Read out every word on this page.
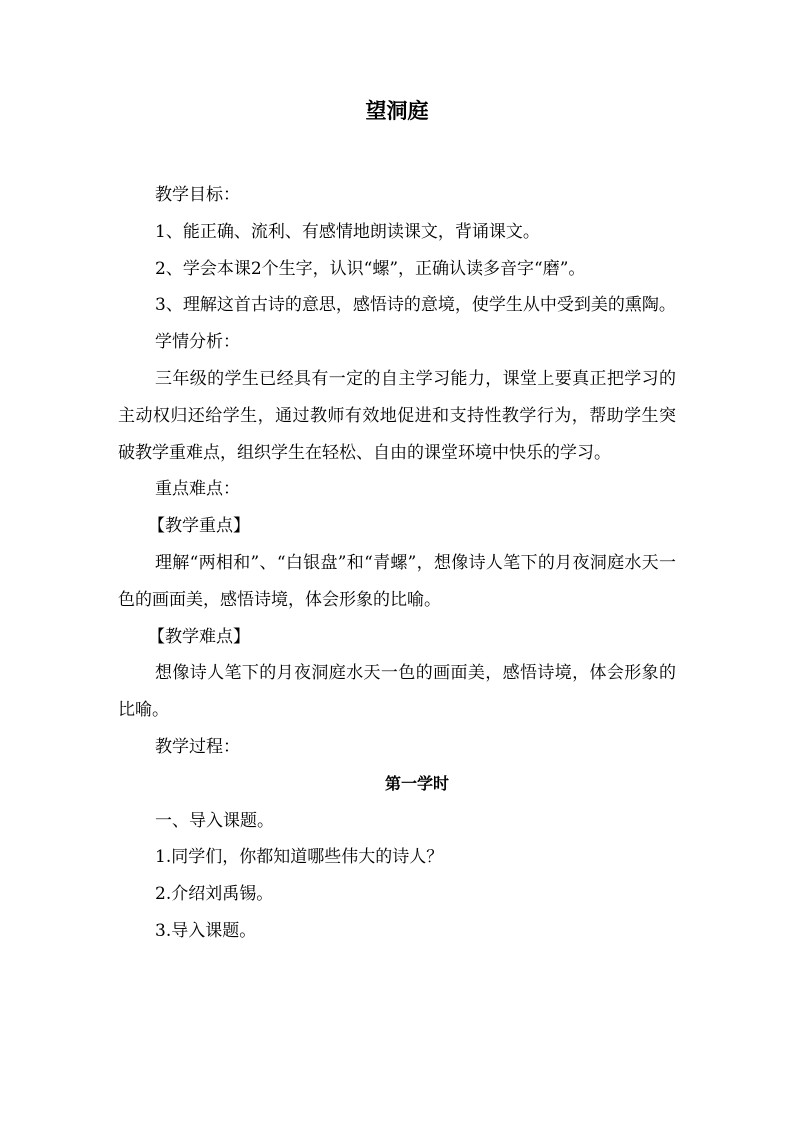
望洞庭

教学目标：

1、能正确、流利、有感情地朗读课文，背诵课文。

2、学会本课2个生字，认识“螺”，正确认读多音字“磨”。

3、理解这首古诗的意思，感悟诗的意境，使学生从中受到美的熏陶。

学情分析：

三年级的学生已经具有一定的自主学习能力，课堂上要真正把学习的主动权归还给学生，通过教师有效地促进和支持性教学行为，帮助学生突破教学重难点，组织学生在轻松、自由的课堂环境中快乐的学习。

重点难点：

【教学重点】

理解“两相和”、“白银盘”和“青螺”，想像诗人笔下的月夜洞庭水天一色的画面美，感悟诗境，体会形象的比喻。

【教学难点】

想像诗人笔下的月夜洞庭水天一色的画面美，感悟诗境，体会形象的比喻。

教学过程：

第一学时

一、导入课题。

1.同学们，你都知道哪些伟大的诗人？

2.介绍刘禹锡。

3.导入课题。
